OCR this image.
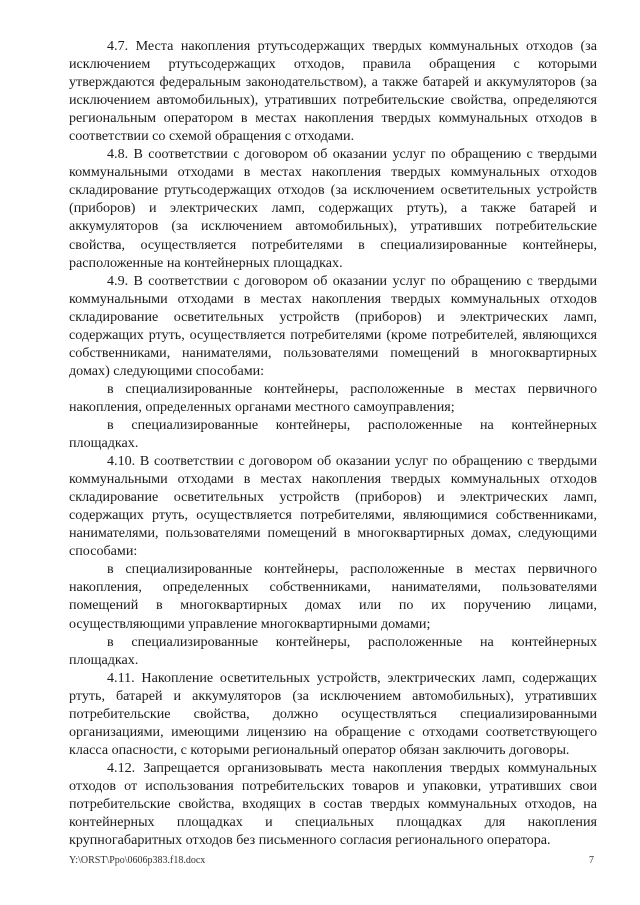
4.7. Места накопления ртутьсодержащих твердых коммунальных отходов (за исключением ртутьсодержащих отходов, правила обращения с которыми утверждаются федеральным законодательством), а также батарей и аккумуляторов (за исключением автомобильных), утративших потребительские свойства, определяются региональным оператором в местах накопления твердых коммунальных отходов в соответствии со схемой обращения с отходами.

4.8. В соответствии с договором об оказании услуг по обращению с твердыми коммунальными отходами в местах накопления твердых коммунальных отходов складирование ртутьсодержащих отходов (за исключением осветительных устройств (приборов) и электрических ламп, содержащих ртуть), а также батарей и аккумуляторов (за исключением автомобильных), утративших потребительские свойства, осуществляется потребителями в специализированные контейнеры, расположенные на контейнерных площадках.

4.9. В соответствии с договором об оказании услуг по обращению с твердыми коммунальными отходами в местах накопления твердых коммунальных отходов складирование осветительных устройств (приборов) и электрических ламп, содержащих ртуть, осуществляется потребителями (кроме потребителей, являющихся собственниками, нанимателями, пользователями помещений в многоквартирных домах) следующими способами:

в специализированные контейнеры, расположенные в местах первичного накопления, определенных органами местного самоуправления;

в специализированные контейнеры, расположенные на контейнерных площадках.

4.10. В соответствии с договором об оказании услуг по обращению с твердыми коммунальными отходами в местах накопления твердых коммунальных отходов складирование осветительных устройств (приборов) и электрических ламп, содержащих ртуть, осуществляется потребителями, являющимися собственниками, нанимателями, пользователями помещений в многоквартирных домах, следующими способами:

в специализированные контейнеры, расположенные в местах первичного накопления, определенных собственниками, нанимателями, пользователями помещений в многоквартирных домах или по их поручению лицами, осуществляющими управление многоквартирными домами;

в специализированные контейнеры, расположенные на контейнерных площадках.

4.11. Накопление осветительных устройств, электрических ламп, содержащих ртуть, батарей и аккумуляторов (за исключением автомобильных), утративших потребительские свойства, должно осуществляться специализированными организациями, имеющими лицензию на обращение с отходами соответствующего класса опасности, с которыми региональный оператор обязан заключить договоры.

4.12. Запрещается организовывать места накопления твердых коммунальных отходов от использования потребительских товаров и упаковки, утративших свои потребительские свойства, входящих в состав твердых коммунальных отходов, на контейнерных площадках и специальных площадках для накопления крупногабаритных отходов без письменного согласия регионального оператора.

Y:\ORST\Ppo\0606p383.f18.docx	7
